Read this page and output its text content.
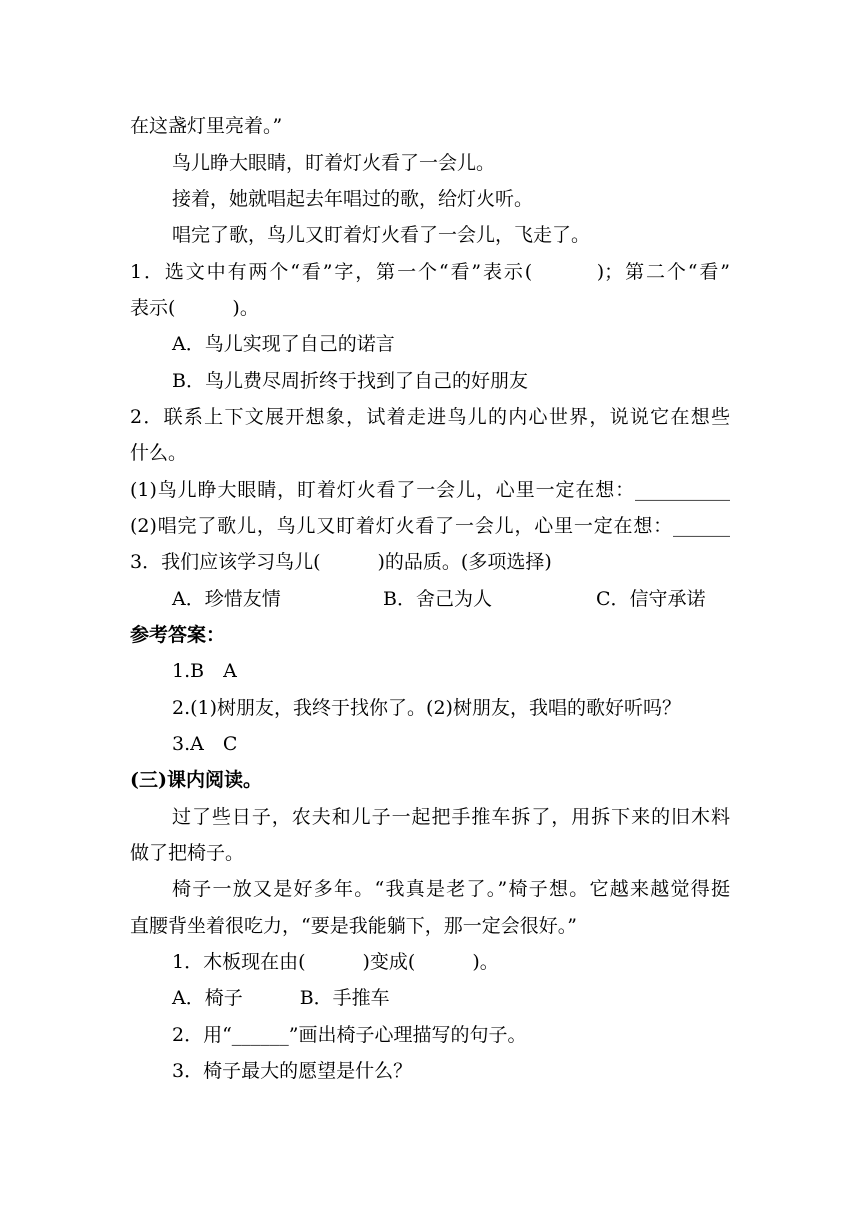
在这盏灯里亮着。”
鸟儿睁大眼睛，盯着灯火看了一会儿。
接着，她就唱起去年唱过的歌，给灯火听。
唱完了歌，鸟儿又盯着灯火看了一会儿，飞走了。
1．选文中有两个“看”字，第一个“看”表示(　　　)；第二个“看”
表示(　　　)。
A．鸟儿实现了自己的诺言
B．鸟儿费尽周折终于找到了自己的好朋友
2．联系上下文展开想象，试着走进鸟儿的内心世界，说说它在想些
什么。
(1)鸟儿睁大眼睛，盯着灯火看了一会儿，心里一定在想：__________
(2)唱完了歌儿，鸟儿又盯着灯火看了一会儿，心里一定在想：______
3．我们应该学习鸟儿(　　　)的品质。(多项选择)
A．珍惜友情	B．舍己为人	C．信守承诺
参考答案：
1.B　A
2.(1)树朋友，我终于找你了。(2)树朋友，我唱的歌好听吗？
3.A　C
(三)课内阅读。
过了些日子，农夫和儿子一起把手推车拆了，用拆下来的旧木料
做了把椅子。
椅子一放又是好多年。“我真是老了。”椅子想。它越来越觉得挺
直腰背坐着很吃力，“要是我能躺下，那一定会很好。”
1．木板现在由(　　　)变成(　　　)。
A．椅子　　　B．手推车
2．用“______”画出椅子心理描写的句子。
3．椅子最大的愿望是什么？
